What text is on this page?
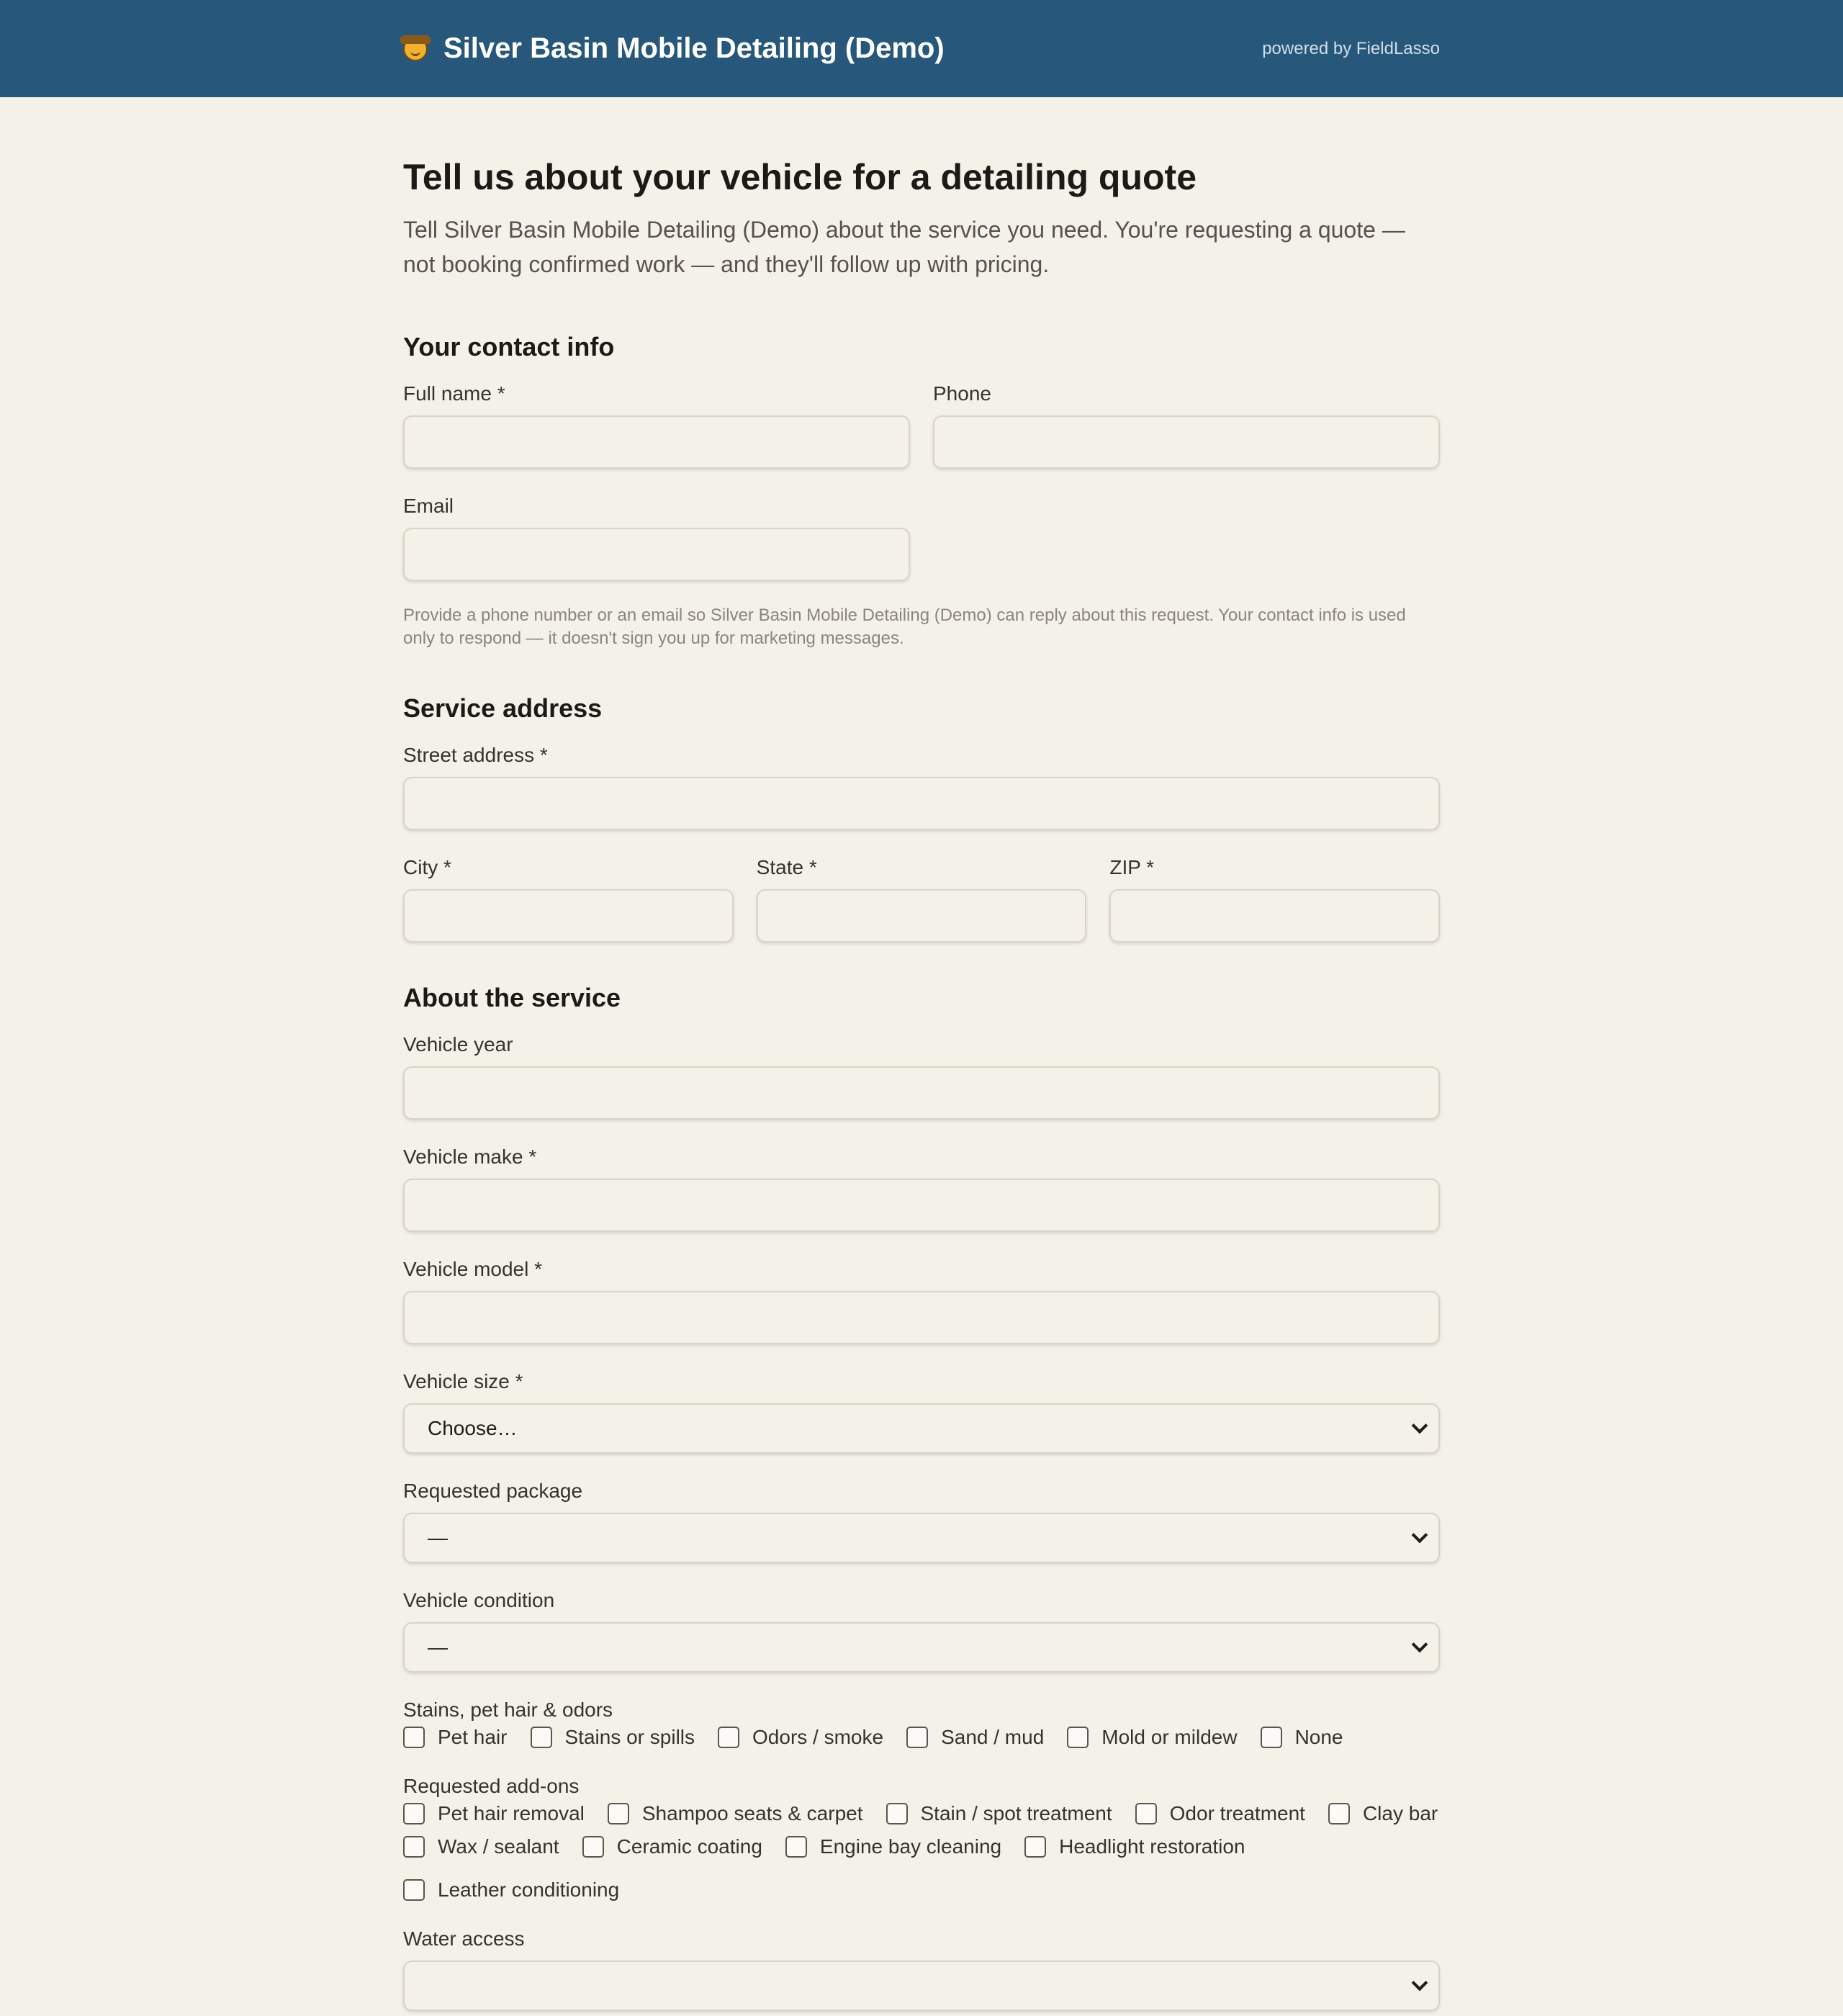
Silver Basin Mobile Detailing (Demo)	powered by FieldLasso
Tell us about your vehicle for a detailing quote

Tell Silver Basin Mobile Detailing (Demo) about the service you need. You're requesting a quote — not booking confirmed work — and they'll follow up with pricing.

Your contact info
Full name *	Phone
Email

Provide a phone number or an email so Silver Basin Mobile Detailing (Demo) can reply about this request. Your contact info is used only to respond — it doesn't sign you up for marketing messages.

Service address
Street address *
City *	State *	ZIP *
About the service
Vehicle year
Vehicle make *
Vehicle model *
Vehicle size *
Choose…
Requested package
—
Vehicle condition
—
Stains, pet hair & odors
Pet hair	Stains or spills	Odors / smoke	Sand / mud	Mold or mildew	None
Requested add-ons
Pet hair removal	Shampoo seats & carpet	Stain / spot treatment	Odor treatment	Clay bar
Wax / sealant	Ceramic coating	Engine bay cleaning	Headlight restoration
Leather conditioning
Water access
